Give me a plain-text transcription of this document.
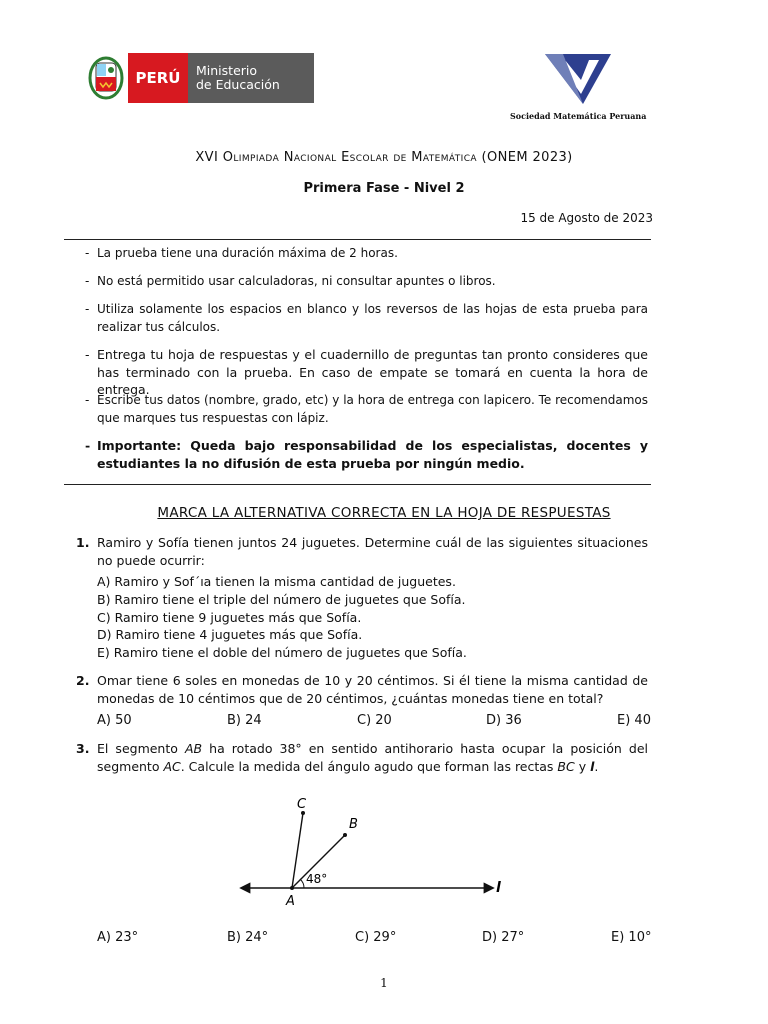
PERÚ	Ministerio
de Educación
Sociedad Matemática Peruana
XVI Olimpiada Nacional Escolar de Matemática (ONEM 2023)
Primera Fase - Nivel 2
15 de Agosto de 2023
- La prueba tiene una duración máxima de 2 horas.
- No está permitido usar calculadoras, ni consultar apuntes o libros.
- Utiliza solamente los espacios en blanco y los reversos de las hojas de esta prueba para realizar tus cálculos.
- Entrega tu hoja de respuestas y el cuadernillo de preguntas tan pronto consideres que has terminado con la prueba. En caso de empate se tomará en cuenta la hora de entrega.
- Escribe tus datos (nombre, grado, etc) y la hora de entrega con lapicero. Te recomendamos que marques tus respuestas con lápiz.
- Importante: Queda bajo responsabilidad de los especialistas, docentes y estudiantes la no difusión de esta prueba por ningún medio.
MARCA LA ALTERNATIVA CORRECTA EN LA HOJA DE RESPUESTAS
1. Ramiro y Sofía tienen juntos 24 juguetes. Determine cuál de las siguientes situaciones no puede ocurrir:
A) Ramiro y Sof´ıa tienen la misma cantidad de juguetes.
B) Ramiro tiene el triple del número de juguetes que Sofía.
C) Ramiro tiene 9 juguetes más que Sofía.
D) Ramiro tiene 4 juguetes más que Sofía.
E) Ramiro tiene el doble del número de juguetes que Sofía.
2. Omar tiene 6 soles en monedas de 10 y 20 céntimos. Si él tiene la misma cantidad de monedas de 10 céntimos que de 20 céntimos, ¿cuántas monedas tiene en total?
A) 50	B) 24	C) 20	D) 36	E) 40
3. El segmento AB ha rotado 38° en sentido antihorario hasta ocupar la posición del segmento AC. Calcule la medida del ángulo agudo que forman las rectas BC y l.
C
B
A
l
48°
A) 23°	B) 24°	C) 29°	D) 27°	E) 10°
1
